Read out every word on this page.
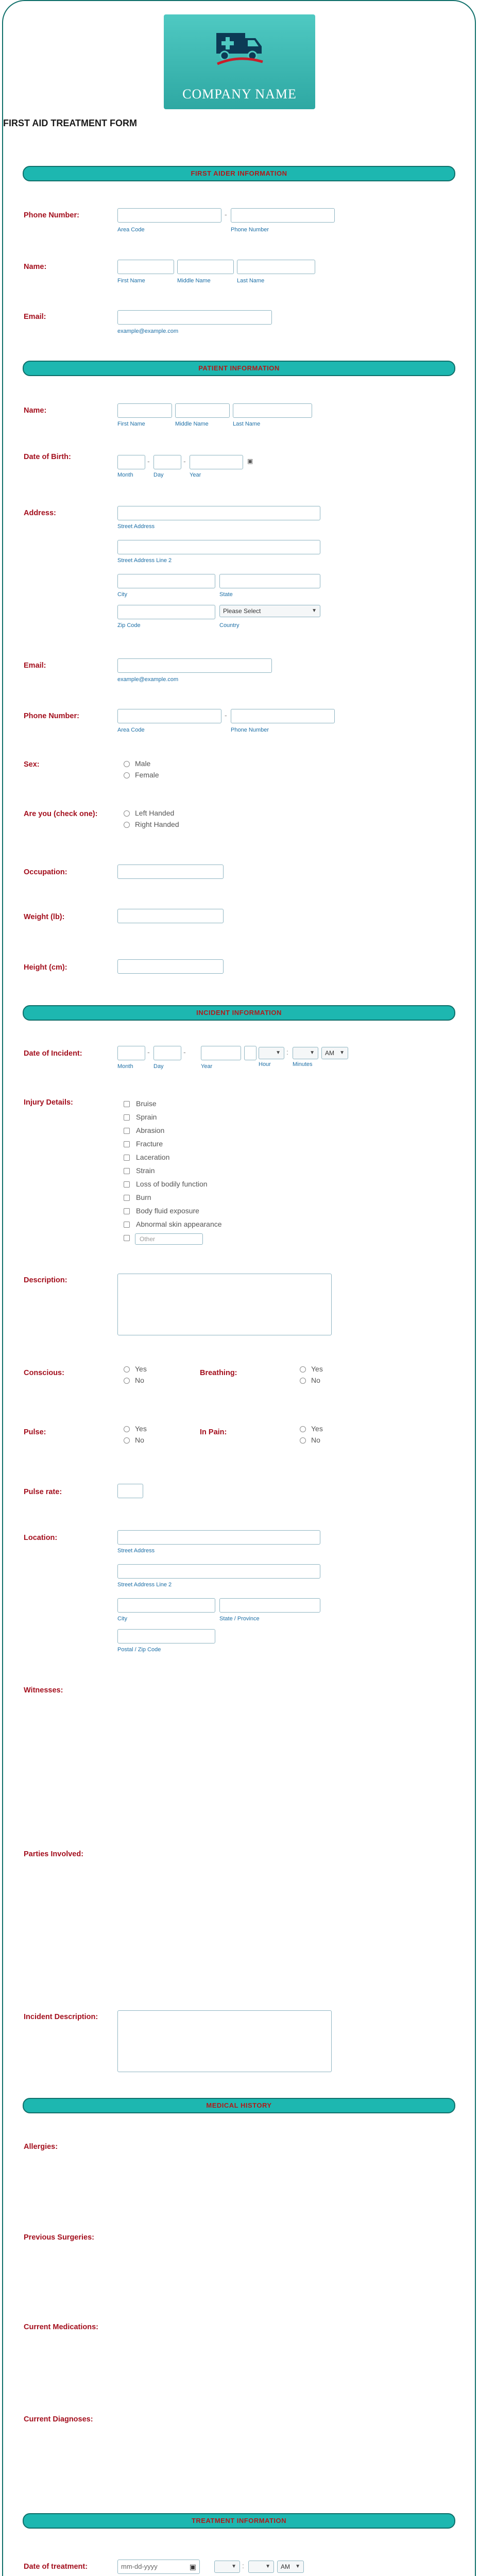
COMPANY NAME
FIRST AID TREATMENT FORM
FIRST AIDER INFORMATION
Phone Number:	-
Area Code	Phone Number
Name:
First Name	Middle Name	Last Name
Email:
example@example.com
PATIENT INFORMATION
Name:
First Name	Middle Name	Last Name
Date of Birth:	-	-	▣
Month	Day	Year
Address:
Street Address
Street Address Line 2
City	State
Please Select	▼
Zip Code	Country
Email:
example@example.com
Phone Number:	-
Area Code	Phone Number
Sex:	Male
Female
Are you (check one):	Left Handed
Right Handed
Occupation:
Weight (lb):
Height (cm):
INCIDENT INFORMATION
Date of Incident:	-	-	▼ :	▼	AM ▼
Month	Day	Year	Hour	Minutes
Injury Details:	Bruise
Sprain
Abrasion
Fracture
Laceration
Strain
Loss of bodily function
Burn
Body fluid exposure
Abnormal skin appearance
Other
Description:
Conscious:	Yes
No
Breathing:	Yes
No
Pulse:	Yes
No
In Pain:	Yes
No
Pulse rate:
Location:
Street Address
Street Address Line 2
City	State / Province
Postal / Zip Code
Witnesses:
Parties Involved:
Incident Description:
MEDICAL HISTORY
Allergies:
Previous Surgeries:
Current Medications:
Current Diagnoses:
TREATMENT INFORMATION
Date of treatment:	mm-dd-yyyy	▣	▼ :	▼	AM ▼
